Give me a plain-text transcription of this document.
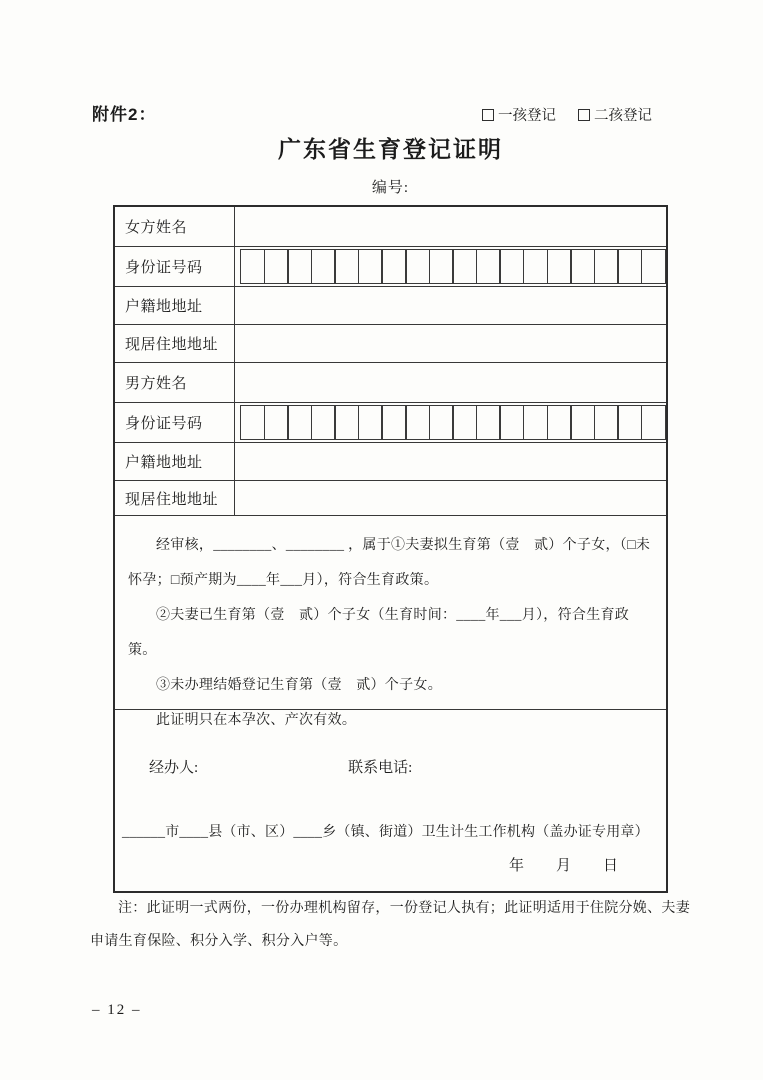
附件2：	一孩登记	二孩登记
广东省生育登记证明
编号:
女方姓名
身份证号码
户籍地地址
现居住地地址
男方姓名
身份证号码
户籍地地址
现居住地地址

经审核，________、________ ，属于①夫妻拟生育第（壹　贰）个子女，（□未怀孕；□预产期为____年___月），符合生育政策。

②夫妻已生育第（壹　贰）个子女（生育时间：____年___月），符合生育政策。

③未办理结婚登记生育第（壹　贰）个子女。

此证明只在本孕次、产次有效。

经办人:	联系电话:
______市____县（市、区）____乡（镇、街道）卫生计生工作机构（盖办证专用章）
年 月 日

注：此证明一式两份，一份办理机构留存，一份登记人执有；此证明适用于住院分娩、夫妻申请生育保险、积分入学、积分入户等。

– 12 –
